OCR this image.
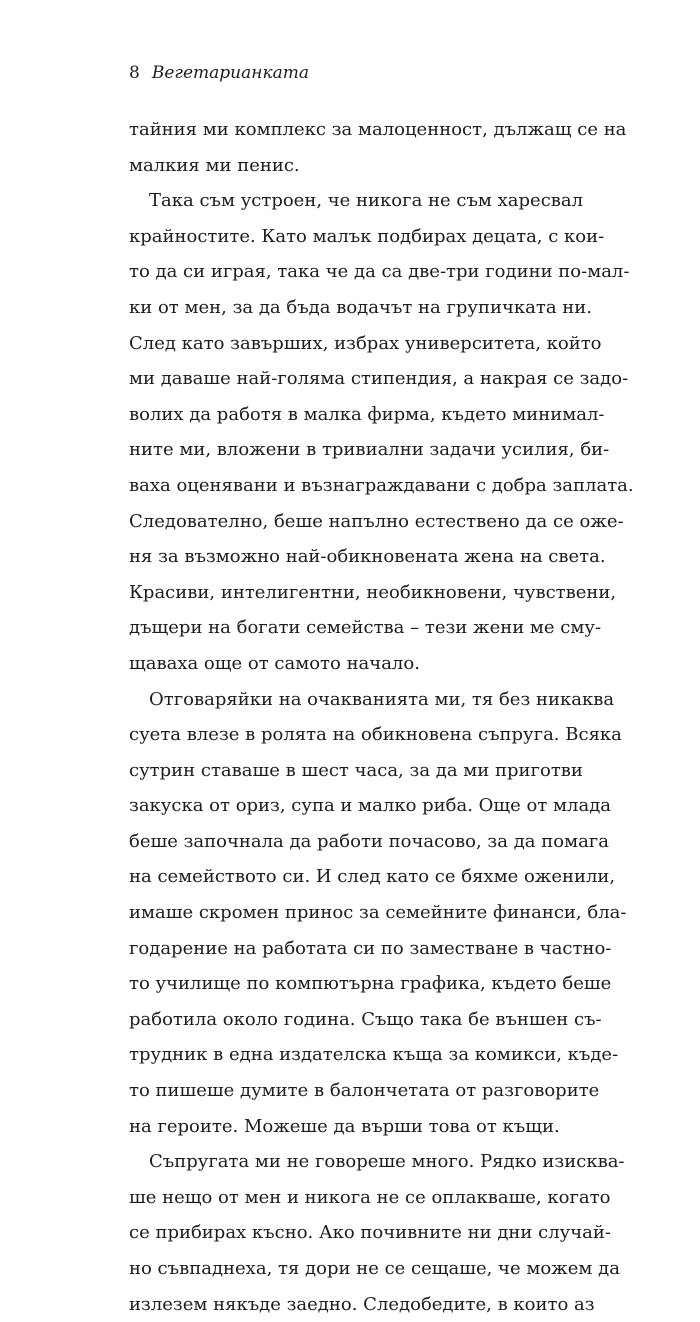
8 Вегетарианката
тайния ми комплекс за малоценност, дължащ се на
малкия ми пенис.
Така съм устроен, че никога не съм харесвал
крайностите. Като малък подбирах децата, с кои-
то да си играя, така че да са две-три години по-мал-
ки от мен, за да бъда водачът на групичката ни.
След като завърших, избрах университета, който
ми даваше най-голяма стипендия, а накрая се задо-
волих да работя в малка фирма, където минимал-
ните ми, вложени в тривиални задачи усилия, би-
ваха оценявани и възнаграждавани с добра заплата.
Следователно, беше напълно естествено да се оже-
ня за възможно най-обикновената жена на света.
Красиви, интелигентни, необикновени, чувствени,
дъщери на богати семейства – тези жени ме сму-
щаваха още от самото начало.
Отговаряйки на очакванията ми, тя без никаква
суета влезе в ролята на обикновена съпруга. Всяка
сутрин ставаше в шест часа, за да ми приготви
закуска от ориз, супа и малко риба. Още от млада
беше започнала да работи почасово, за да помага
на семейството си. И след като се бяхме оженили,
имаше скромен принос за семейните финанси, бла-
годарение на работата си по заместване в частно-
то училище по компютърна графика, където беше
работила около година. Също така бе външен съ-
трудник в една издателска къща за комикси, къде-
то пишеше думите в балончетата от разговорите
на героите. Можеше да върши това от къщи.
Съпругата ми не говореше много. Рядко изисква-
ше нещо от мен и никога не се оплакваше, когато
се прибирах късно. Ако почивните ни дни случай-
но съвпаднеха, тя дори не се сещаше, че можем да
излезем някъде заедно. Следобедите, в които аз
